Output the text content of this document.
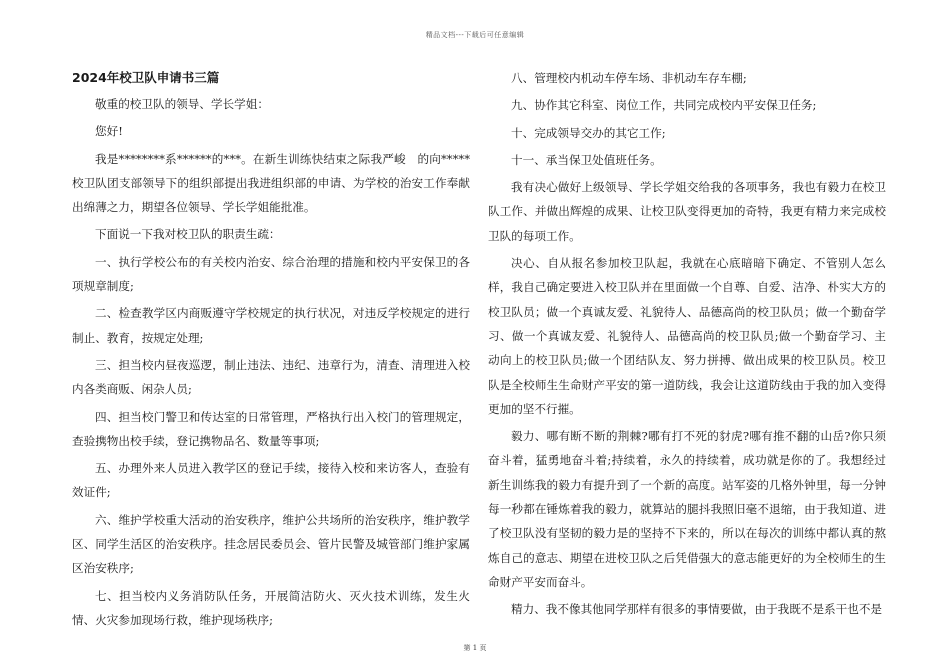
精品文档---下载后可任意编辑
2024年校卫队申请书三篇

敬重的校卫队的领导、学长学姐：

您好!

我是********系******的***。在新生训练快结束之际我严峻　的向*****校卫队团支部领导下的组织部提出我进组织部的申请、为学校的治安工作奉献出绵薄之力，期望各位领导、学长学姐能批准。

下面说一下我对校卫队的职责生疏：

一、执行学校公布的有关校内治安、综合治理的措施和校内平安保卫的各项规章制度;

二、检查教学区内商贩遵守学校规定的执行状况，对违反学校规定的进行制止、教育，按规定处理;

三、担当校内昼夜巡逻，制止违法、违纪、违章行为，清查、清理进入校内各类商贩、闲杂人员;

四、担当校门警卫和传达室的日常管理，严格执行出入校门的管理规定，查验携物出校手续，登记携物品名、数量等事项;

五、办理外来人员进入教学区的登记手续，接待入校和来访客人，查验有效证件;

六、维护学校重大活动的治安秩序，维护公共场所的治安秩序，维护教学区、同学生活区的治安秩序。挂念居民委员会、管片民警及城管部门维护家属区治安秩序;

七、担当校内义务消防队任务，开展简洁防火、灭火技术训练，发生火情、火灾参加现场行救，维护现场秩序;

八、管理校内机动车停车场、非机动车存车棚;

九、协作其它科室、岗位工作，共同完成校内平安保卫任务;

十、完成领导交办的其它工作;

十一、承当保卫处值班任务。

我有决心做好上级领导、学长学姐交给我的各项事务，我也有毅力在校卫队工作、并做出辉煌的成果、让校卫队变得更加的奇特，我更有精力来完成校卫队的每项工作。

决心、自从报名参加校卫队起，我就在心底暗暗下确定、不管别人怎么样，我自己确定要进入校卫队并在里面做一个自尊、自爱、洁净、朴实大方的校卫队员；做一个真诚友爱、礼貌待人、品德高尚的校卫队员；做一个勤奋学习、做一个真诚友爱、礼貌待人、品德高尚的校卫队员;做一个勤奋学习、主动向上的校卫队员;做一个团结队友、努力拼搏、做出成果的校卫队员。校卫队是全校师生生命财产平安的第一道防线，我会让这道防线由于我的加入变得更加的坚不行摧。

毅力、哪有断不断的荆棘?哪有打不死的豺虎?哪有推不翻的山岳?你只须奋斗着，猛勇地奋斗着;持续着，永久的持续着，成功就是你的了。我想经过新生训练我的毅力有提升到了一个新的高度。站军姿的几格外钟里，每一分钟每一秒都在锤炼着我的毅力，就算站的腿抖我照旧毫不退缩，由于我知道、进了校卫队没有坚韧的毅力是的坚持不下来的，所以在每次的训练中都认真的熬炼自己的意志、期望在进校卫队之后凭借强大的意志能更好的为全校师生的生命财产平安而奋斗。

精力、我不像其他同学那样有很多的事情要做，由于我既不是系干也不是

第 1 页
